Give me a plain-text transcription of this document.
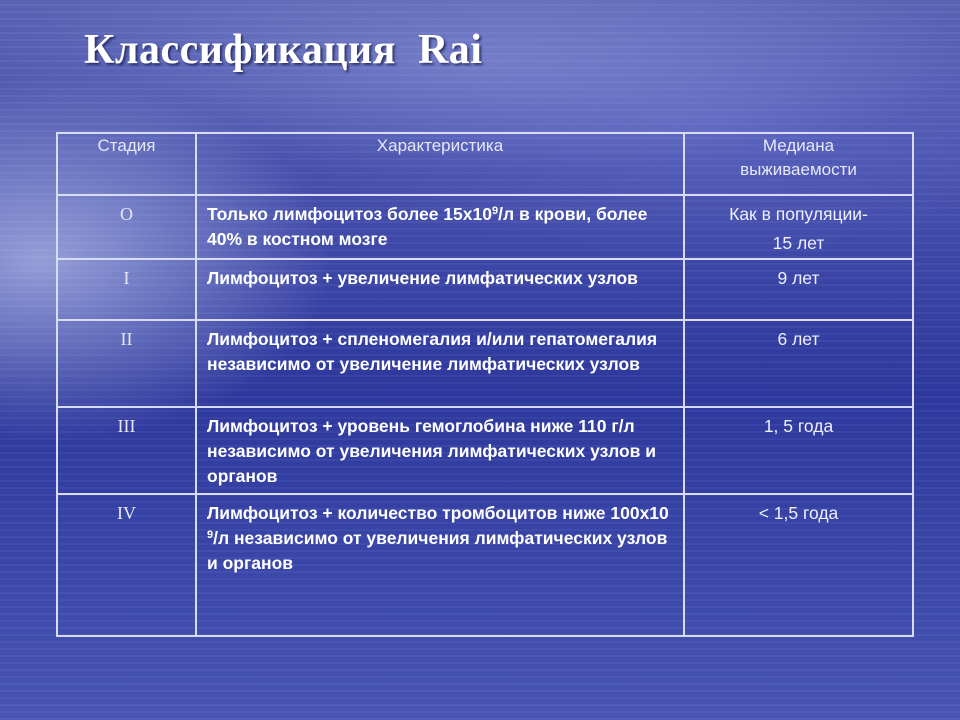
Классификация  Rai
Стадия	Характеристика	Медиана
выживаемости
O	Только лимфоцитоз более $15х10^9/л$ в крови, более 40% в костном мозге	Как в популяции-
15 лет

I	Лимфоцитоз + увеличение лимфатических узлов	9 лет
II	Лимфоцитоз + спленомегалия и/или гепатомегалия независимо от увеличение лимфатических узлов	6 лет
III	Лимфоцитоз + уровень гемоглобина ниже 110 г/л независимо от увеличения лимфатических узлов и органов	1, 5 года
IV	Лимфоцитоз + количество тромбоцитов ниже 100х10 $^9$/л независимо от увеличения лимфатических узлов и органов	< 1,5 года
